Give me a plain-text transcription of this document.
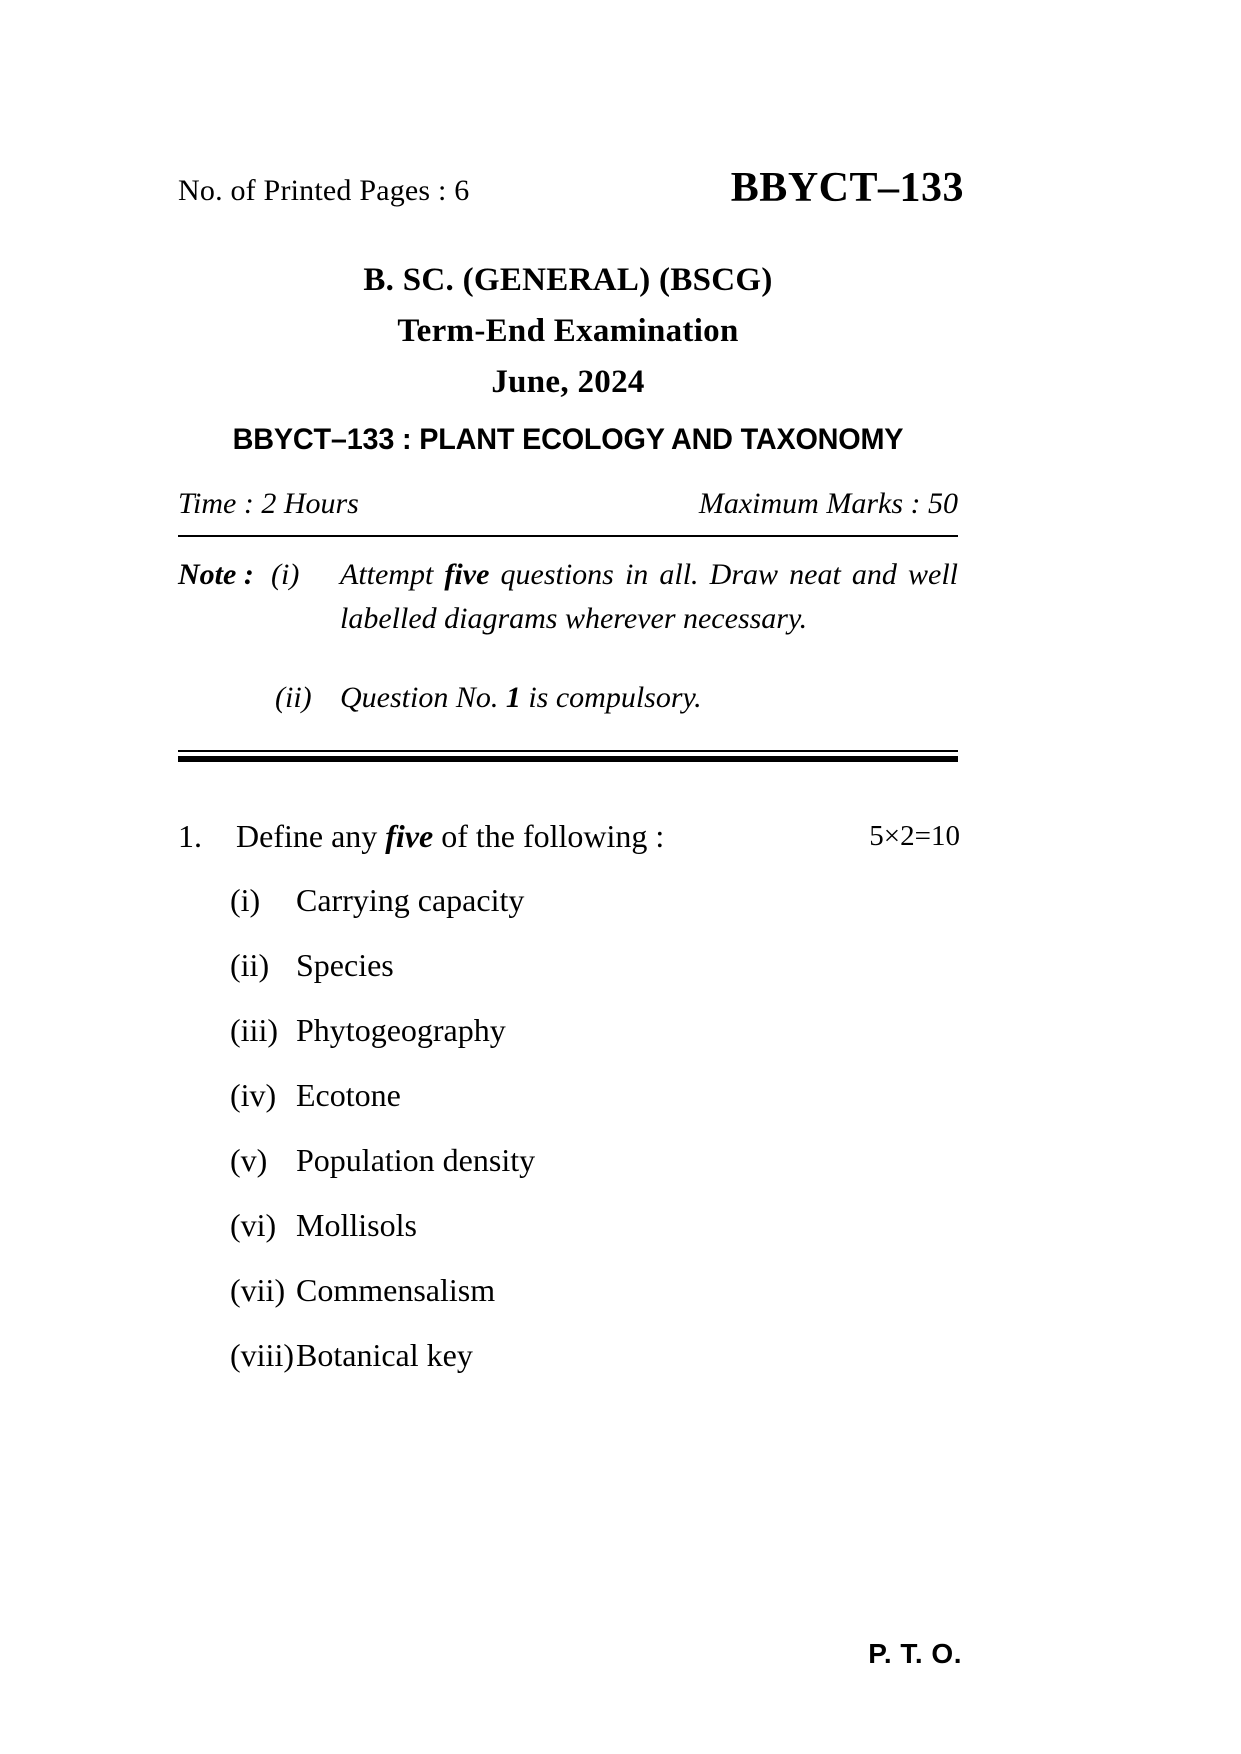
No. of Printed Pages : 6	BBYCT–133
B. SC. (GENERAL) (BSCG)
Term-End Examination
June, 2024
BBYCT–133 : PLANT ECOLOGY AND TAXONOMY
Time : 2 Hours	Maximum Marks : 50
Note : (i) Attempt five questions in all. Draw neat and well labelled diagrams wherever necessary.
(ii) Question No. 1 is compulsory.
1. Define any five of the following :	5×2=10
(i) Carrying capacity
(ii) Species
(iii) Phytogeography
(iv) Ecotone
(v) Population density
(vi) Mollisols
(vii) Commensalism
(viii) Botanical key
P. T. O.
